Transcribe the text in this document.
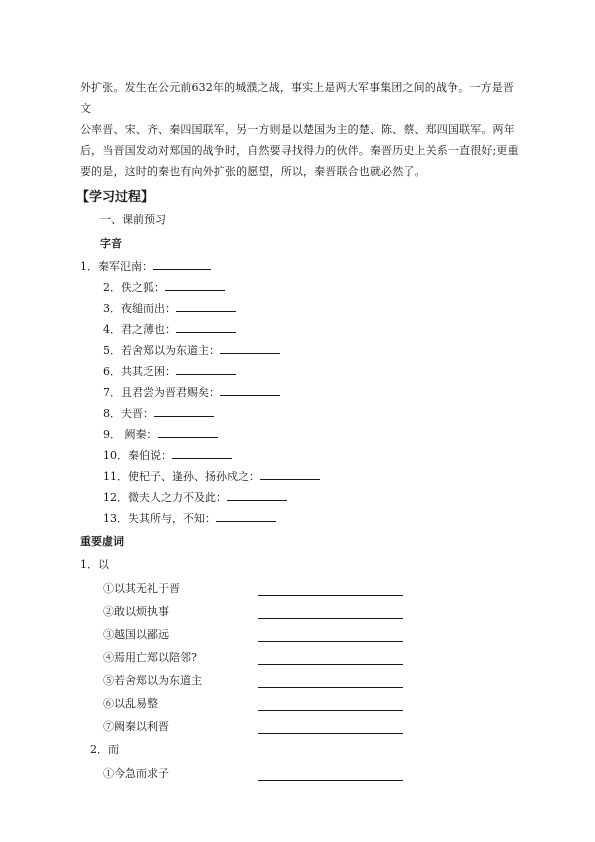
外扩张。发生在公元前632年的城濮之战，事实上是两大军事集团之间的战争。一方是晋文

公率晋、宋、齐、秦四国联军，另一方则是以楚国为主的楚、陈、蔡、郑四国联军。两年

后，当晋国发动对郑国的战争时，自然要寻找得力的伙伴。秦晋历史上关系一直很好;更重

要的是，这时的秦也有向外扩张的愿望，所以，秦晋联合也就必然了。

【学习过程】
一、课前预习
字音
1．秦军氾南：
2．佚之狐：
3．夜缒而出：
4．君之薄也：
5．若舍郑以为东道主：
6．共其乏困：
7．且君尝为晋君赐矣：
8．夫晋：
9． 阙秦：
10．秦伯说：
11．使杞子、逢孙、扬孙戍之：
12．微夫人之力不及此：
13．失其所与，不知：
重要虚词
1．以
①以其无礼于晋
②敢以烦执事
③越国以鄙远
④焉用亡郑以陪邻?
⑤若舍郑以为东道主
⑥以乱易整
⑦阙秦以利晋
2．而
①今急而求子
